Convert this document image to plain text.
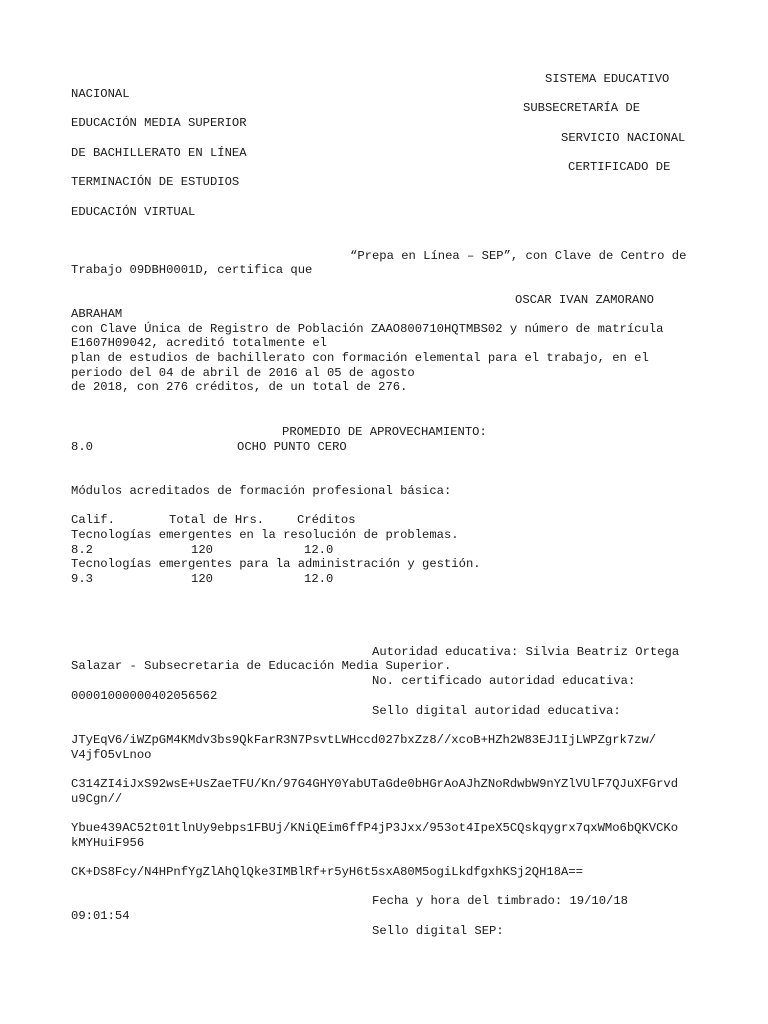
SISTEMA EDUCATIVO
NACIONAL
SUBSECRETARÍA DE
EDUCACIÓN MEDIA SUPERIOR
SERVICIO NACIONAL
DE BACHILLERATO EN LÍNEA
CERTIFICADO DE
TERMINACIÓN DE ESTUDIOS
EDUCACIÓN VIRTUAL
“Prepa en Línea – SEP”, con Clave de Centro de
Trabajo 09DBH0001D, certifica que
OSCAR IVAN ZAMORANO
ABRAHAM
con Clave Única de Registro de Población ZAAO800710HQTMBS02 y número de matrícula
E1607H09042, acreditó totalmente el
plan de estudios de bachillerato con formación elemental para el trabajo, en el
periodo del 04 de abril de 2016 al 05 de agosto
de 2018, con 276 créditos, de un total de 276.
PROMEDIO DE APROVECHAMIENTO:
8.0	OCHO PUNTO CERO
Módulos acreditados de formación profesional básica:
Calif.	Total de Hrs.	Créditos
Tecnologías emergentes en la resolución de problemas.
8.2	120	12.0
Tecnologías emergentes para la administración y gestión.
9.3	120	12.0
Autoridad educativa: Silvia Beatriz Ortega
Salazar - Subsecretaria de Educación Media Superior.
No. certificado autoridad educativa:
00001000000402056562
Sello digital autoridad educativa:
JTyEqV6/iWZpGM4KMdv3bs9QkFarR3N7PsvtLWHccd027bxZz8//xcoB+HZh2W83EJ1IjLWPZgrk7zw/
V4jfO5vLnoo
C314ZI4iJxS92wsE+UsZaeTFU/Kn/97G4GHY0YabUTaGde0bHGrAoAJhZNoRdwbW9nYZlVUlF7QJuXFGrvd
u9Cgn//
Ybue439AC52t01tlnUy9ebps1FBUj/KNiQEim6ffP4jP3Jxx/953ot4IpeX5CQskqygrx7qxWMo6bQKVCKo
kMYHuiF956
CK+DS8Fcy/N4HPnfYgZlAhQlQke3IMBlRf+r5yH6t5sxA80M5ogiLkdfgxhKSj2QH18A==
Fecha y hora del timbrado: 19/10/18
09:01:54
Sello digital SEP:
